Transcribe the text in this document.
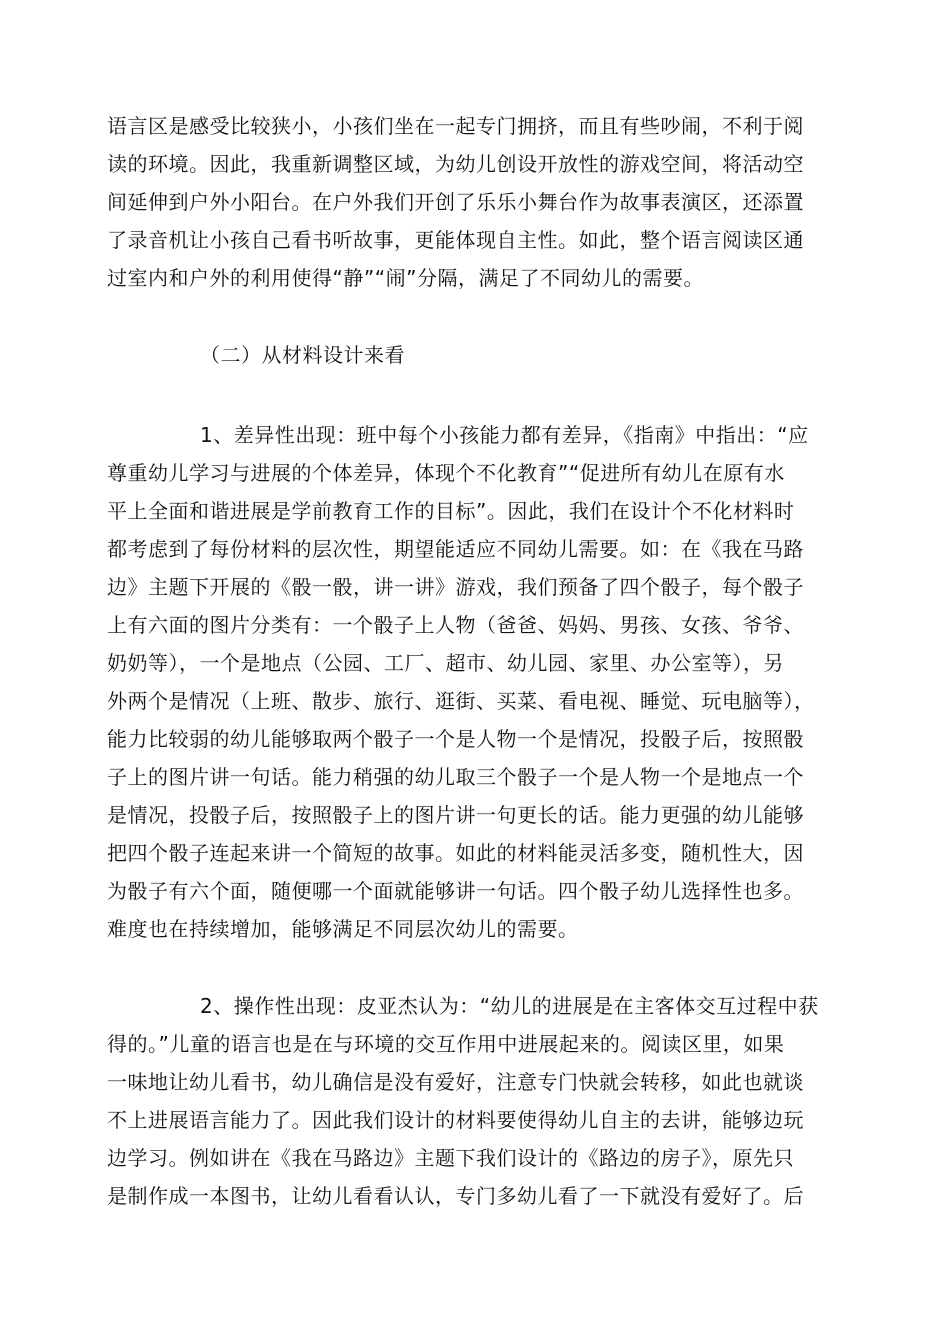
语言区是感受比较狭小，小孩们坐在一起专门拥挤，而且有些吵闹，不利于阅
读的环境。因此，我重新调整区域，为幼儿创设开放性的游戏空间，将活动空
间延伸到户外小阳台。在户外我们开创了乐乐小舞台作为故事表演区，还添置
了录音机让小孩自己看书听故事，更能体现自主性。如此，整个语言阅读区通
过室内和户外的利用使得“静”“闹”分隔，满足了不同幼儿的需要。
（二）从材料设计来看
1、差异性出现：班中每个小孩能力都有差异，《指南》中指出：“应
尊重幼儿学习与进展的个体差异，体现个不化教育”“促进所有幼儿在原有水
平上全面和谐进展是学前教育工作的目标”。因此，我们在设计个不化材料时
都考虑到了每份材料的层次性，期望能适应不同幼儿需要。如：在《我在马路
边》主题下开展的《骰一骰，讲一讲》游戏，我们预备了四个骰子，每个骰子
上有六面的图片分类有：一个骰子上人物（爸爸、妈妈、男孩、女孩、爷爷、
奶奶等），一个是地点（公园、工厂、超市、幼儿园、家里、办公室等），另
外两个是情况（上班、散步、旅行、逛街、买菜、看电视、睡觉、玩电脑等），
能力比较弱的幼儿能够取两个骰子一个是人物一个是情况，投骰子后，按照骰
子上的图片讲一句话。能力稍强的幼儿取三个骰子一个是人物一个是地点一个
是情况，投骰子后，按照骰子上的图片讲一句更长的话。能力更强的幼儿能够
把四个骰子连起来讲一个简短的故事。如此的材料能灵活多变，随机性大，因
为骰子有六个面，随便哪一个面就能够讲一句话。四个骰子幼儿选择性也多。
难度也在持续增加，能够满足不同层次幼儿的需要。
2、操作性出现：皮亚杰认为：“幼儿的进展是在主客体交互过程中获
得的。”儿童的语言也是在与环境的交互作用中进展起来的。阅读区里，如果
一味地让幼儿看书，幼儿确信是没有爱好，注意专门快就会转移，如此也就谈
不上进展语言能力了。因此我们设计的材料要使得幼儿自主的去讲，能够边玩
边学习。例如讲在《我在马路边》主题下我们设计的《路边的房子》，原先只
是制作成一本图书，让幼儿看看认认，专门多幼儿看了一下就没有爱好了。后
